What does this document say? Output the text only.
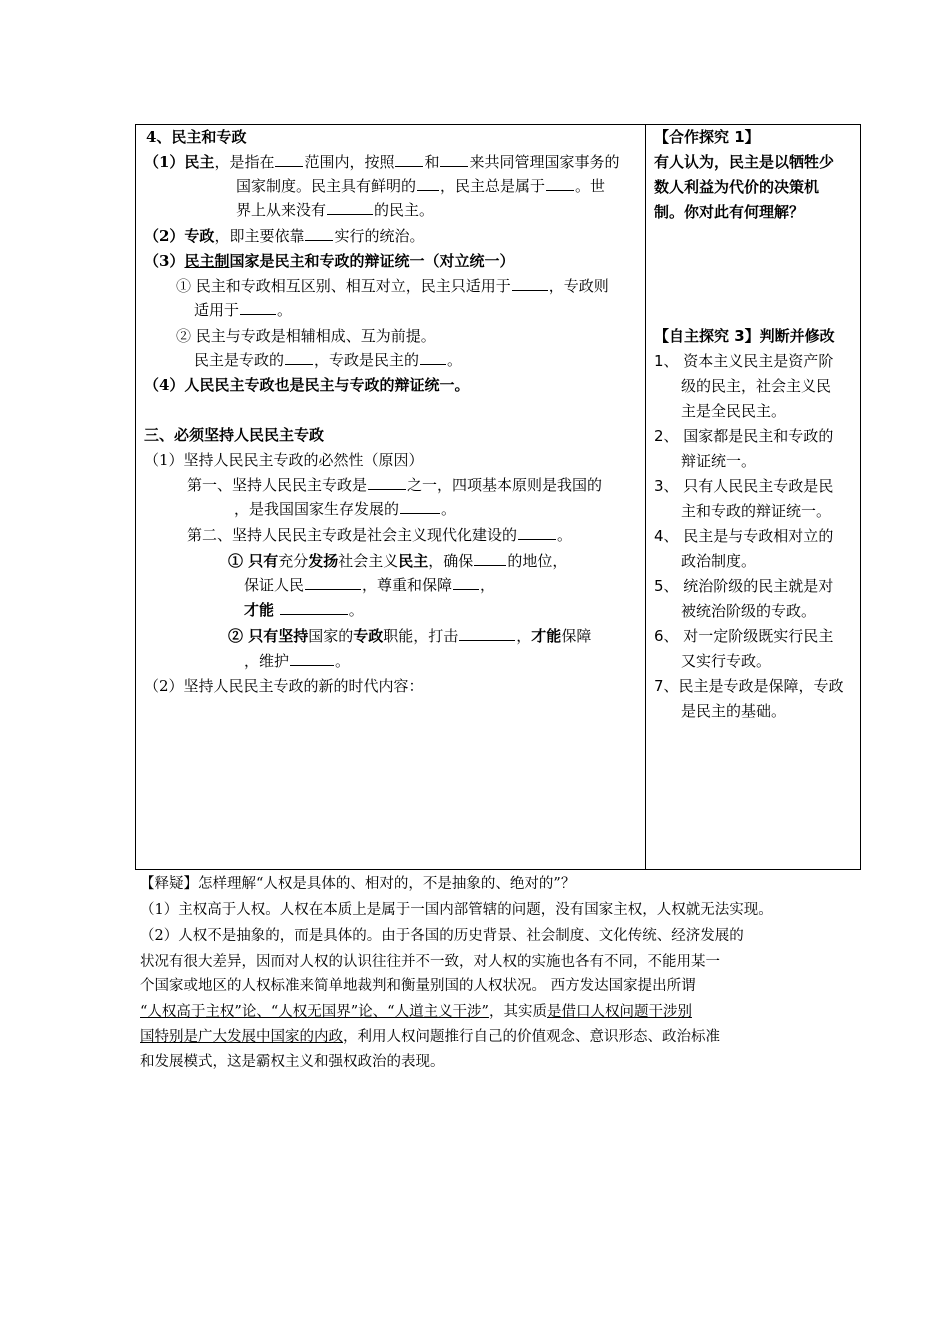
4、民主和专政
（1）民主，是指在 范围内，按照 和 来共同管理国家事务的
国家制度。民主具有鲜明的 ，民主总是属于 。世
界上从来没有	的民主。
（2）专政，即主要依靠 实行的统治。
（3）民主制国家是民主和专政的辩证统一（对立统一）
① 民主和专政相互区别、相互对立，民主只适用于	，专政则
适用于	。
② 民主与专政是相辅相成、互为前提。
民主是专政的 ，专政是民主的 。
（4）人民民主专政也是民主与专政的辩证统一。
三、必须坚持人民民主专政
（1）坚持人民民主专政的必然性（原因）
第一、坚持人民民主专政是	之一，四项基本原则是我国的
，是我国国家生存发展的	。
第二、坚持人民民主专政是社会主义现代化建设的	。
① 只有充分发扬社会主义民主，确保 的地位，
保证人民	，尊重和保障 ，
才能	。
② 只有坚持国家的专政职能，打击	，才能保障
，维护	。
（2）坚持人民民主专政的新的时代内容：
【合作探究 1】
有人认为，民主是以牺牲少
数人利益为代价的决策机
制。你对此有何理解？
【自主探究 3】判断并修改
1、 资本主义民主是资产阶
级的民主，社会主义民
主是全民民主。
2、 国家都是民主和专政的
辩证统一。
3、 只有人民民主专政是民
主和专政的辩证统一。
4、 民主是与专政相对立的
政治制度。
5、 统治阶级的民主就是对
被统治阶级的专政。
6、 对一定阶级既实行民主
又实行专政。
7、民主是专政是保障，专政
是民主的基础。
【释疑】怎样理解“人权是具体的、相对的，不是抽象的、绝对的”？
（1）主权高于人权。人权在本质上是属于一国内部管辖的问题，没有国家主权，人权就无法实现。
（2）人权不是抽象的，而是具体的。由于各国的历史背景、社会制度、文化传统、经济发展的
状况有很大差异，因而对人权的认识往往并不一致，对人权的实施也各有不同，不能用某一
个国家或地区的人权标准来简单地裁判和衡量别国的人权状况。 西方发达国家提出所谓
“人权高于主权”论、“人权无国界”论、“人道主义干涉”，其实质是借口人权问题干涉别
国特别是广大发展中国家的内政，利用人权问题推行自己的价值观念、意识形态、政治标准
和发展模式，这是霸权主义和强权政治的表现。
